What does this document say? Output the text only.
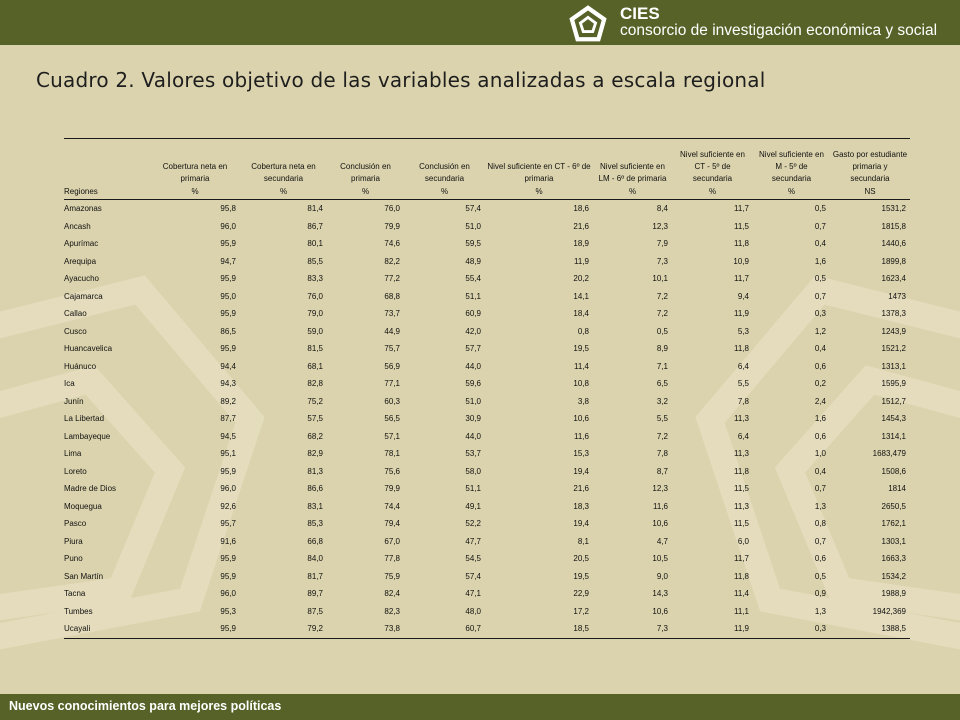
CIES
consorcio de investigación económica y social
Cuadro 2. Valores objetivo de las variables analizadas a escala regional
	Cobertura neta en primaria	Cobertura neta en secundaria	Conclusión en primaria	Conclusión en secundaria	Nivel suficiente en CT - 6º de primaria	Nivel suficiente en LM - 6º de primaria	Nivel suficiente en CT - 5º de secundaria	Nivel suficiente en M - 5º de secundaria	Gasto por estudiante primaria y secundaria
Regiones	%	%	%	%	%	%	%	%	NS
Amazonas	95,8	81,4	76,0	57,4	18,6	8,4	11,7	0,5	1531,2
Ancash	96,0	86,7	79,9	51,0	21,6	12,3	11,5	0,7	1815,8
Apurímac	95,9	80,1	74,6	59,5	18,9	7,9	11,8	0,4	1440,6
Arequipa	94,7	85,5	82,2	48,9	11,9	7,3	10,9	1,6	1899,8
Ayacucho	95,9	83,3	77,2	55,4	20,2	10,1	11,7	0,5	1623,4
Cajamarca	95,0	76,0	68,8	51,1	14,1	7,2	9,4	0,7	1473
Callao	95,9	79,0	73,7	60,9	18,4	7,2	11,9	0,3	1378,3
Cusco	86,5	59,0	44,9	42,0	0,8	0,5	5,3	1,2	1243,9
Huancavelica	95,9	81,5	75,7	57,7	19,5	8,9	11,8	0,4	1521,2
Huánuco	94,4	68,1	56,9	44,0	11,4	7,1	6,4	0,6	1313,1
Ica	94,3	82,8	77,1	59,6	10,8	6,5	5,5	0,2	1595,9
Junín	89,2	75,2	60,3	51,0	3,8	3,2	7,8	2,4	1512,7
La Libertad	87,7	57,5	56,5	30,9	10,6	5,5	11,3	1,6	1454,3
Lambayeque	94,5	68,2	57,1	44,0	11,6	7,2	6,4	0,6	1314,1
Lima	95,1	82,9	78,1	53,7	15,3	7,8	11,3	1,0	1683,479
Loreto	95,9	81,3	75,6	58,0	19,4	8,7	11,8	0,4	1508,6
Madre de Dios	96,0	86,6	79,9	51,1	21,6	12,3	11,5	0,7	1814
Moquegua	92,6	83,1	74,4	49,1	18,3	11,6	11,3	1,3	2650,5
Pasco	95,7	85,3	79,4	52,2	19,4	10,6	11,5	0,8	1762,1
Piura	91,6	66,8	67,0	47,7	8,1	4,7	6,0	0,7	1303,1
Puno	95,9	84,0	77,8	54,5	20,5	10,5	11,7	0,6	1663,3
San Martín	95,9	81,7	75,9	57,4	19,5	9,0	11,8	0,5	1534,2
Tacna	96,0	89,7	82,4	47,1	22,9	14,3	11,4	0,9	1988,9
Tumbes	95,3	87,5	82,3	48,0	17,2	10,6	11,1	1,3	1942,369
Ucayali	95,9	79,2	73,8	60,7	18,5	7,3	11,9	0,3	1388,5
Nuevos conocimientos para mejores políticas
